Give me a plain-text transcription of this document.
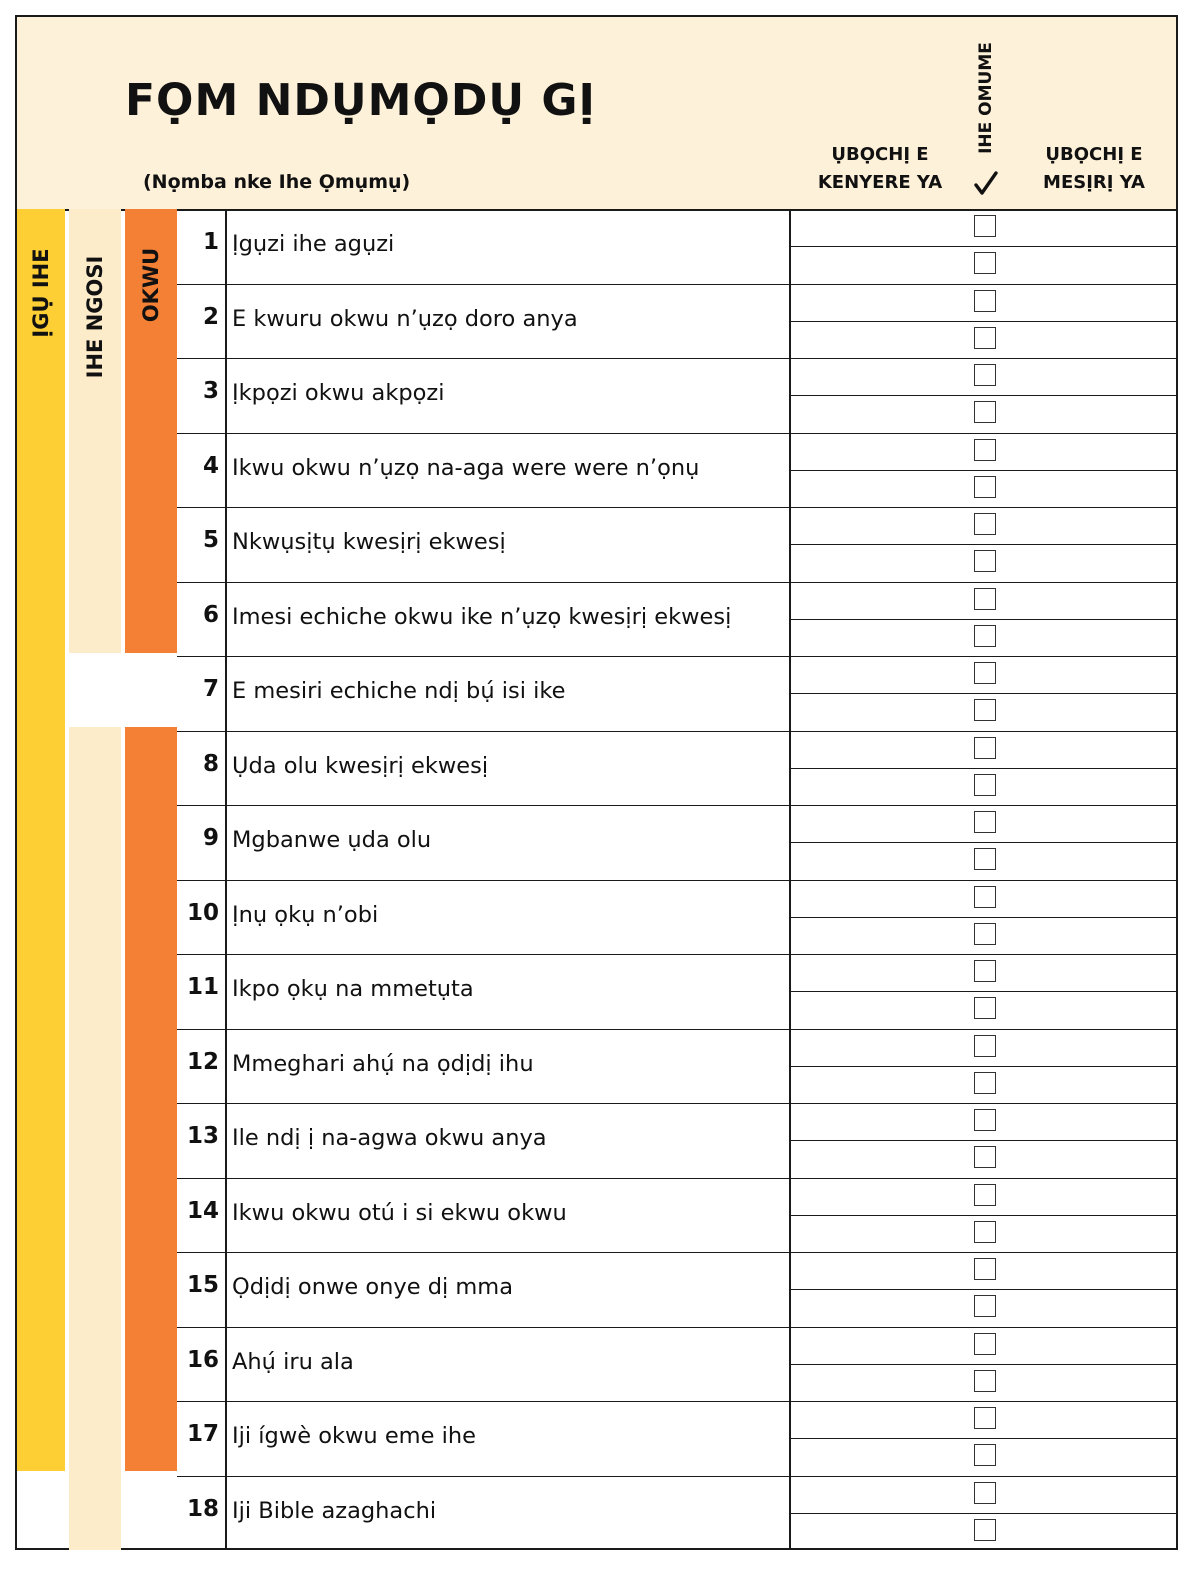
FỌM NDỤMỌDỤ GỊ
(Nọmba nke Ihe Ọmụmụ)
ỤBỌCHỊ E
KENYERE YA
IHE OMUME
ỤBỌCHỊ E
MESỊRỊ YA
ỊGỤ IHE IHE NGOSI OKWU
1 Ịgụzi ihe agụzi
2 E kwuru okwu n’ụzọ doro anya
3 Ịkpọzi okwu akpọzi
4 Ikwu okwu n’ụzọ na-aga were were n’ọnụ
5 Nkwụsịtụ kwesịrị ekwesị
6 Imesi echiche okwu ike n’ụzọ kwesịrị ekwesị
7 E mesiri echiche ndị bụ́ isi ike
8 Ụda olu kwesịrị ekwesị
9 Mgbanwe ụda olu
10 Ịnụ ọkụ n’obi
11 Ikpo ọkụ na mmetụta
12 Mmeghari ahụ́ na ọdịdị ihu
13 Ile ndị ị na-agwa okwu anya
14 Ikwu okwu otú i si ekwu okwu
15 Ọdịdị onwe onye dị mma
16 Ahụ́ iru ala
17 Iji ígwè okwu eme ihe
18 Iji Bible azaghachi
